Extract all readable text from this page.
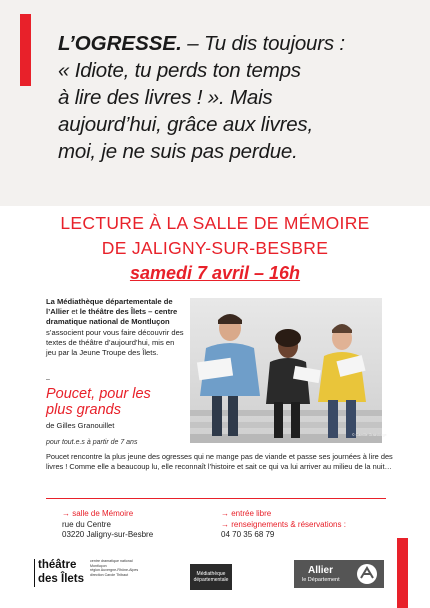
L’OGRESSE. – Tu dis toujours :
« Idiote, tu perds ton temps
à lire des livres ! ». Mais
aujourd’hui, grâce aux livres,
moi, je ne suis pas perdue.

LECTURE À LA SALLE DE MÉMOIRE
DE JALIGNY-SUR-BESBRE
samedi 7 avril – 16h
La Médiathèque départementale de l’Allier et le théâtre des Îlets – centre dramatique national de Montluçon s’associent pour vous faire découvrir des textes de théâtre d’aujourd’hui, mis en jeu par la Jeune Troupe des Îlets.
–
Poucet, pour les
plus grands
de Gilles Granouillet
pour tout.e.s à partir de 7 ans
Poucet rencontre la plus jeune des ogresses qui ne mange pas de viande et passe ses journées à lire des livres ! Comme elle a beaucoup lu, elle reconnaît l’histoire et sait ce qui va lui arriver au milieu de la nuit…
© Camille Graindorge
→ salle de Mémoire
rue du Centre
03220 Jaligny-sur-Besbre
→ entrée libre
→ renseignements & réservations :
04 70 35 68 79
théâtre
des Îlets
centre dramatique national
Montluçon
région Auvergne-Rhône-Alpes
direction Carole Thibaut	Médiathèque
départementale
Allier
le Département
